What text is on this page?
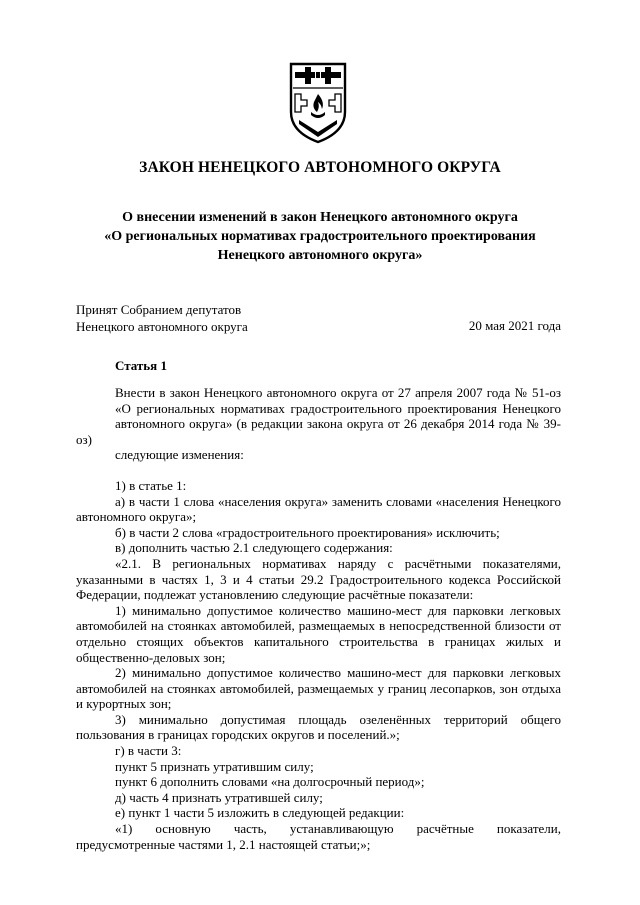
ЗАКОН НЕНЕЦКОГО АВТОНОМНОГО ОКРУГА
О внесении изменений в закон Ненецкого автономного округа
«О региональных нормативах градостроительного проектирования
Ненецкого автономного округа»
Принят Собранием депутатов
Ненецкого автономного округа	20 мая 2021 года
Статья 1
Внести в закон Ненецкого автономного округа от 27 апреля 2007 года № 51-оз
«О региональных нормативах градостроительного проектирования Ненецкого
автономного округа» (в редакции закона округа от 26 декабря 2014 года № 39-оз)
следующие изменения:
1) в статье 1:
а) в части 1 слова «населения округа» заменить словами «населения Ненецкого автономного округа»;
б) в части 2 слова «градостроительного проектирования» исключить;
в) дополнить частью 2.1 следующего содержания:
«2.1. В региональных нормативах наряду с расчётными показателями, указанными в частях 1, 3 и 4 статьи 29.2 Градостроительного кодекса Российской Федерации, подлежат установлению следующие расчётные показатели:
1) минимально допустимое количество машино-мест для парковки легковых автомобилей на стоянках автомобилей, размещаемых в непосредственной близости от отдельно стоящих объектов капитального строительства в границах жилых и общественно-деловых зон;
2) минимально допустимое количество машино-мест для парковки легковых автомобилей на стоянках автомобилей, размещаемых у границ лесопарков, зон отдыха и курортных зон;
3) минимально допустимая площадь озеленённых территорий общего пользования в границах городских округов и поселений.»;
г) в части 3:
пункт 5 признать утратившим силу;
пункт 6 дополнить словами «на долгосрочный период»;
д) часть 4 признать утратившей силу;
е) пункт 1 части 5 изложить в следующей редакции:
«1) основную часть, устанавливающую расчётные показатели, предусмотренные частями 1, 2.1 настоящей статьи;»;
